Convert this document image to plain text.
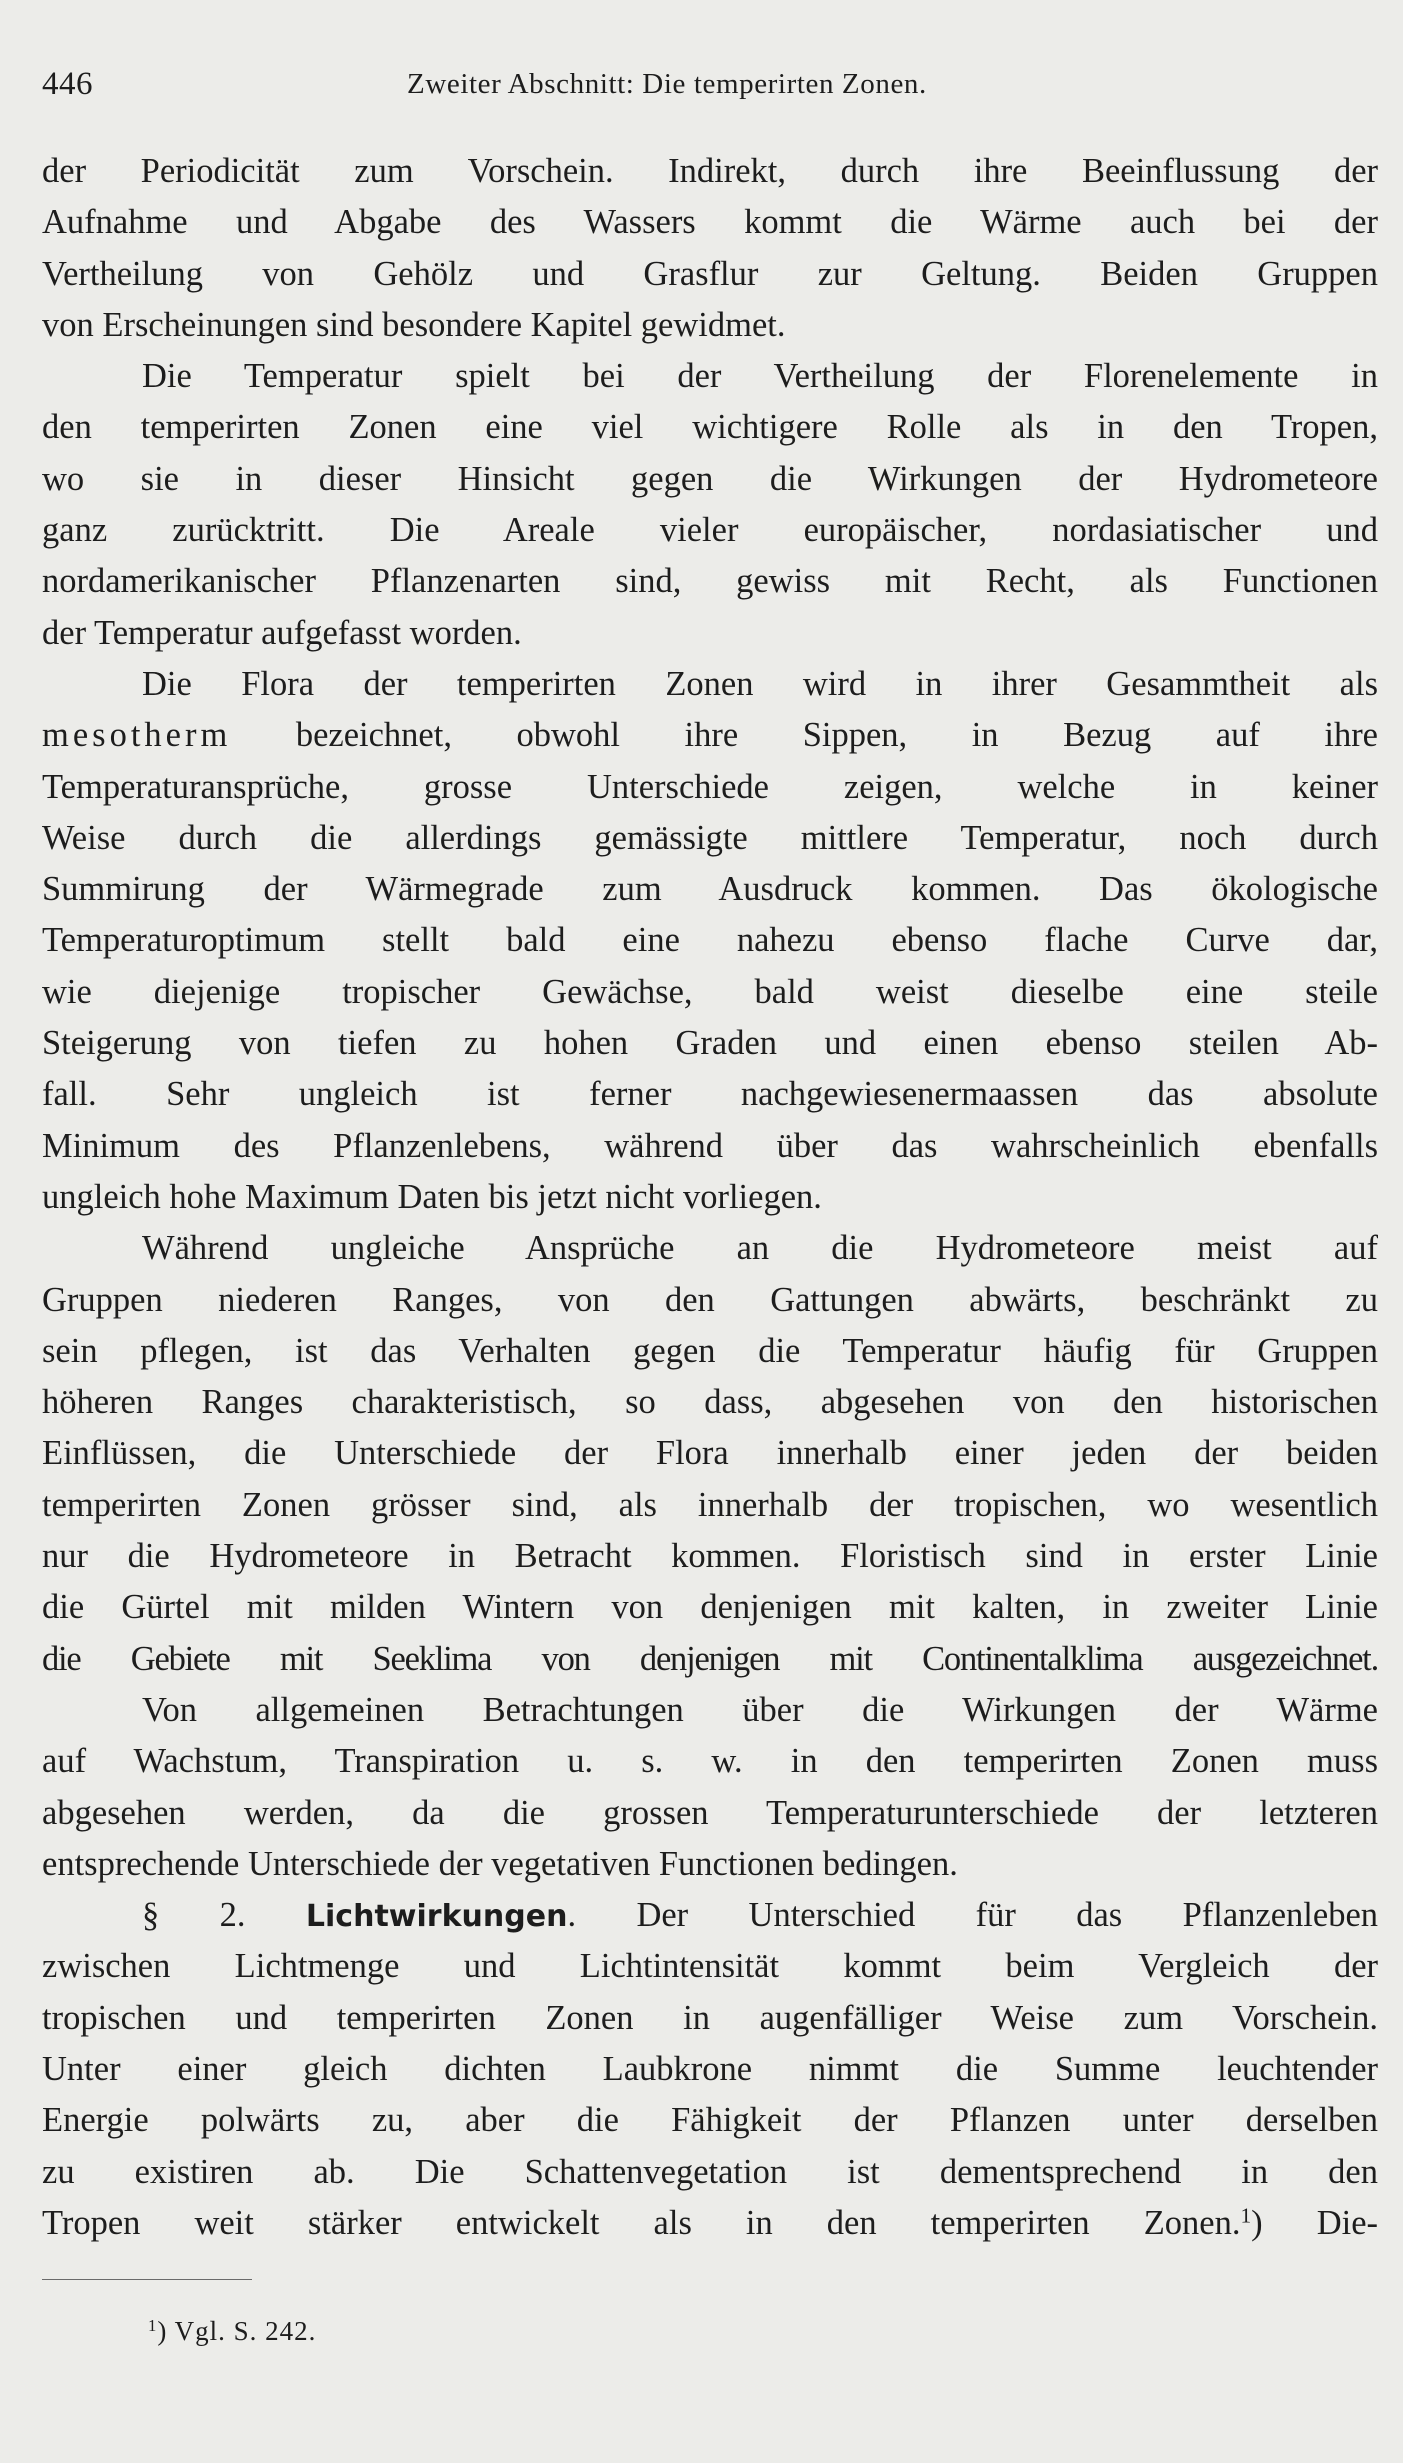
446	Zweiter Abschnitt: Die temperirten Zonen.
der Periodicität zum Vorschein. Indirekt, durch ihre Beeinflussung der
Aufnahme und Abgabe des Wassers kommt die Wärme auch bei der
Vertheilung von Gehölz und Grasflur zur Geltung. Beiden Gruppen
von Erscheinungen sind besondere Kapitel gewidmet.
Die Temperatur spielt bei der Vertheilung der Florenelemente in
den temperirten Zonen eine viel wichtigere Rolle als in den Tropen,
wo sie in dieser Hinsicht gegen die Wirkungen der Hydrometeore
ganz zurücktritt. Die Areale vieler europäischer, nordasiatischer und
nordamerikanischer Pflanzenarten sind, gewiss mit Recht, als Functionen
der Temperatur aufgefasst worden.
Die Flora der temperirten Zonen wird in ihrer Gesammtheit als
mesotherm bezeichnet, obwohl ihre Sippen, in Bezug auf ihre
Temperaturansprüche, grosse Unterschiede zeigen, welche in keiner
Weise durch die allerdings gemässigte mittlere Temperatur, noch durch
Summirung der Wärmegrade zum Ausdruck kommen. Das ökologische
Temperaturoptimum stellt bald eine nahezu ebenso flache Curve dar,
wie diejenige tropischer Gewächse, bald weist dieselbe eine steile
Steigerung von tiefen zu hohen Graden und einen ebenso steilen Ab-
fall. Sehr ungleich ist ferner nachgewiesenermaassen das absolute
Minimum des Pflanzenlebens, während über das wahrscheinlich ebenfalls
ungleich hohe Maximum Daten bis jetzt nicht vorliegen.
Während ungleiche Ansprüche an die Hydrometeore meist auf
Gruppen niederen Ranges, von den Gattungen abwärts, beschränkt zu
sein pflegen, ist das Verhalten gegen die Temperatur häufig für Gruppen
höheren Ranges charakteristisch, so dass, abgesehen von den historischen
Einflüssen, die Unterschiede der Flora innerhalb einer jeden der beiden
temperirten Zonen grösser sind, als innerhalb der tropischen, wo wesentlich
nur die Hydrometeore in Betracht kommen. Floristisch sind in erster Linie
die Gürtel mit milden Wintern von denjenigen mit kalten, in zweiter Linie
die Gebiete mit Seeklima von denjenigen mit Continentalklima ausgezeichnet.
Von allgemeinen Betrachtungen über die Wirkungen der Wärme
auf Wachstum, Transpiration u. s. w. in den temperirten Zonen muss
abgesehen werden, da die grossen Temperaturunterschiede der letzteren
entsprechende Unterschiede der vegetativen Functionen bedingen.
§ 2. Lichtwirkungen. Der Unterschied für das Pflanzenleben
zwischen Lichtmenge und Lichtintensität kommt beim Vergleich der
tropischen und temperirten Zonen in augenfälliger Weise zum Vorschein.
Unter einer gleich dichten Laubkrone nimmt die Summe leuchtender
Energie polwärts zu, aber die Fähigkeit der Pflanzen unter derselben
zu existiren ab. Die Schattenvegetation ist dementsprechend in den
Tropen weit stärker entwickelt als in den temperirten Zonen.$^1$) Die-
$^1$) Vgl. S. 242.
